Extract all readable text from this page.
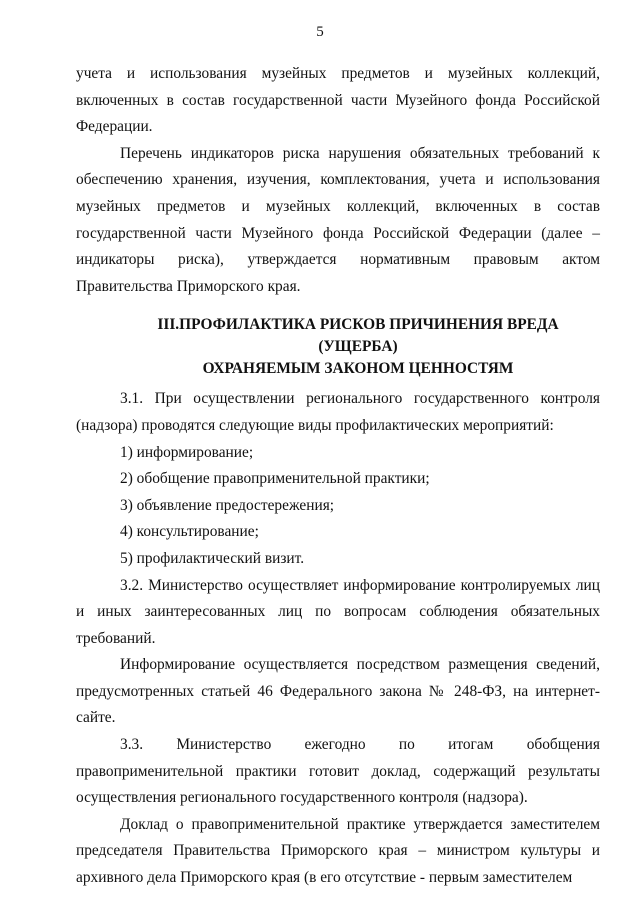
5

учета и использования музейных предметов и музейных коллекций, включенных в состав государственной части Музейного фонда Российской Федерации.

Перечень индикаторов риска нарушения обязательных требований к обеспечению хранения, изучения, комплектования, учета и использования музейных предметов и музейных коллекций, включенных в состав государственной части Музейного фонда Российской Федерации (далее – индикаторы риска), утверждается нормативным правовым актом Правительства Приморского края.

III.ПРОФИЛАКТИКА РИСКОВ ПРИЧИНЕНИЯ ВРЕДА (УЩЕРБА)
ОХРАНЯЕМЫМ ЗАКОНОМ ЦЕННОСТЯМ

3.1. При осуществлении регионального государственного контроля (надзора) проводятся следующие виды профилактических мероприятий:

1) информирование;

2) обобщение правоприменительной практики;

3) объявление предостережения;

4) консультирование;

5) профилактический визит.

3.2. Министерство осуществляет информирование контролируемых лиц и иных заинтересованных лиц по вопросам соблюдения обязательных требований.

Информирование осуществляется посредством размещения сведений, предусмотренных статьей 46 Федерального закона № 248-ФЗ, на интернет-сайте.

3.3. Министерство ежегодно по итогам обобщения правоприменительной практики готовит доклад, содержащий результаты осуществления регионального государственного контроля (надзора).

Доклад о правоприменительной практике утверждается заместителем председателя Правительства Приморского края – министром культуры и архивного дела Приморского края (в его отсутствие - первым заместителем
